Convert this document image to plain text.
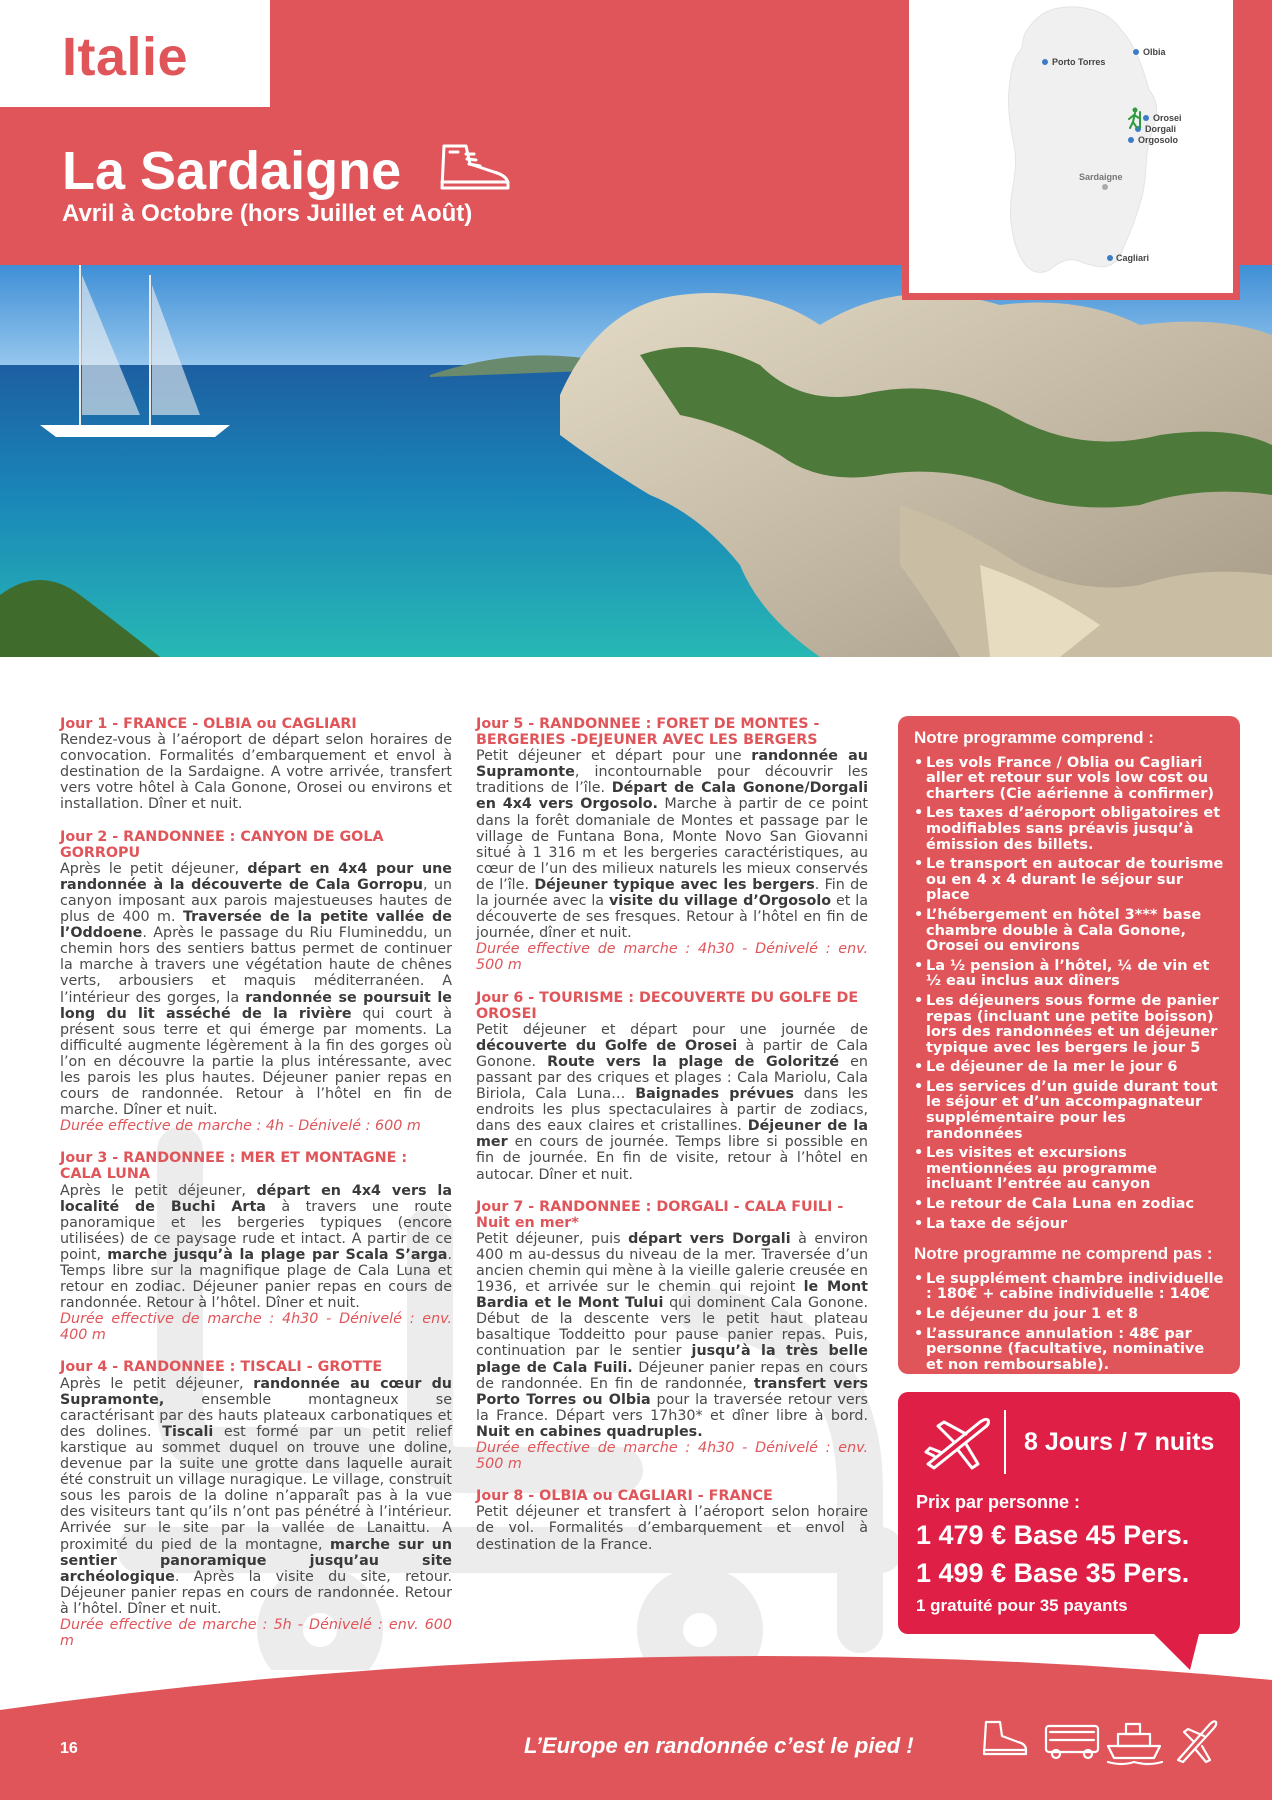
Italie
La Sardaigne
Avril à Octobre (hors Juillet et Août)
Porto Torres
Olbia
Orosei
Dorgali
Orgosolo
Sardaigne
Cagliari
Jour 1 - FRANCE - OLBIA ou CAGLIARI
Rendez-vous à l’aéroport de départ selon horaires de convocation. Formalités d’embarquement et envol à destination de la Sardaigne. A votre arrivée, transfert vers votre hôtel à Cala Gonone, Orosei ou environs et installation. Dîner et nuit.
Jour 2 - RANDONNEE : CANYON DE GOLA GORROPU
Après le petit déjeuner, départ en 4x4 pour une randonnée à la découverte de Cala Gorropu, un canyon imposant aux parois majestueuses hautes de plus de 400 m. Traversée de la petite vallée de l’Oddoene. Après le passage du Riu Flumineddu, un chemin hors des sentiers battus permet de continuer la marche à travers une végétation haute de chênes verts, arbousiers et maquis méditerranéen. A l’intérieur des gorges, la randonnée se poursuit le long du lit asséché de la rivière qui court à présent sous terre et qui émerge par moments. La difficulté augmente légèrement à la fin des gorges où l’on en découvre la partie la plus intéressante, avec les parois les plus hautes. Déjeuner panier repas en cours de randonnée. Retour à l’hôtel en fin de marche. Dîner et nuit.
Durée effective de marche : 4h - Dénivelé : 600 m
Jour 3 - RANDONNEE : MER ET MONTAGNE : CALA LUNA
Après le petit déjeuner, départ en 4x4 vers la localité de Buchi Arta à travers une route panoramique et les bergeries typiques (encore utilisées) de ce paysage rude et intact. A partir de ce point, marche jusqu’à la plage par Scala S’arga. Temps libre sur la magnifique plage de Cala Luna et retour en zodiac. Déjeuner panier repas en cours de randonnée. Retour à l’hôtel. Dîner et nuit.
Durée effective de marche : 4h30 - Dénivelé : env. 400 m
Jour 4 - RANDONNEE : TISCALI - GROTTE
Après le petit déjeuner, randonnée au cœur du Supramonte, ensemble montagneux se caractérisant par des hauts plateaux carbonatiques et des dolines. Tiscali est formé par un petit relief karstique au sommet duquel on trouve une doline, devenue par la suite une grotte dans laquelle aurait été construit un village nuragique. Le village, construit sous les parois de la doline n’apparaît pas à la vue des visiteurs tant qu’ils n’ont pas pénétré à l’intérieur. Arrivée sur le site par la vallée de Lanaittu. A proximité du pied de la montagne, marche sur un sentier panoramique jusqu’au site archéologique. Après la visite du site, retour. Déjeuner panier repas en cours de randonnée. Retour à l’hôtel. Dîner et nuit.
Durée effective de marche : 5h - Dénivelé : env. 600 m
Jour 5 - RANDONNEE : FORET DE MONTES - BERGERIES -DEJEUNER AVEC LES BERGERS
Petit déjeuner et départ pour une randonnée au Supramonte, incontournable pour découvrir les traditions de l’île. Départ de Cala Gonone/Dorgali en 4x4 vers Orgosolo. Marche à partir de ce point dans la forêt domaniale de Montes et passage par le village de Funtana Bona, Monte Novo San Giovanni situé à 1 316 m et les bergeries caractéristiques, au cœur de l’un des milieux naturels les mieux conservés de l’île. Déjeuner typique avec les bergers. Fin de la journée avec la visite du village d’Orgosolo et la découverte de ses fresques. Retour à l’hôtel en fin de journée, dîner et nuit.
Durée effective de marche : 4h30 - Dénivelé : env. 500 m
Jour 6 - TOURISME : DECOUVERTE DU GOLFE DE OROSEI
Petit déjeuner et départ pour une journée de découverte du Golfe de Orosei à partir de Cala Gonone. Route vers la plage de Goloritzé en passant par des criques et plages : Cala Mariolu, Cala Biriola, Cala Luna… Baignades prévues dans les endroits les plus spectaculaires à partir de zodiacs, dans des eaux claires et cristallines. Déjeuner de la mer en cours de journée. Temps libre si possible en fin de journée. En fin de visite, retour à l’hôtel en autocar. Dîner et nuit.
Jour 7 - RANDONNEE : DORGALI - CALA FUILI - Nuit en mer*
Petit déjeuner, puis départ vers Dorgali à environ 400 m au-dessus du niveau de la mer. Traversée d’un ancien chemin qui mène à la vieille galerie creusée en 1936, et arrivée sur le chemin qui rejoint le Mont Bardia et le Mont Tului qui dominent Cala Gonone. Début de la descente vers le petit haut plateau basaltique Toddeitto pour pause panier repas. Puis, continuation par le sentier jusqu’à la très belle plage de Cala Fuili. Déjeuner panier repas en cours de randonnée. En fin de randonnée, transfert vers Porto Torres ou Olbia pour la traversée retour vers la France. Départ vers 17h30* et dîner libre à bord. Nuit en cabines quadruples.
Durée effective de marche : 4h30 - Dénivelé : env. 500 m
Jour 8 - OLBIA ou CAGLIARI - FRANCE
Petit déjeuner et transfert à l’aéroport selon horaire de vol. Formalités d’embarquement et envol à destination de la France.
Notre programme comprend :
• Les vols France / Oblia ou Cagliari aller et retour sur vols low cost ou charters (Cie aérienne à confirmer)
• Les taxes d’aéroport obligatoires et modifiables sans préavis jusqu’à émission des billets.
• Le transport en autocar de tourisme ou en 4 x 4 durant le séjour sur place
• L’hébergement en hôtel 3*** base chambre double à Cala Gonone, Orosei ou environs
• La ½ pension à l’hôtel, ¼ de vin et ½ eau inclus aux dîners
• Les déjeuners sous forme de panier repas (incluant une petite boisson) lors des randonnées et un déjeuner typique avec les bergers le jour 5
• Le déjeuner de la mer le jour 6
• Les services d’un guide durant tout le séjour et d’un accompagnateur supplémentaire pour les randonnées
• Les visites et excursions mentionnées au programme incluant l’entrée au canyon
• Le retour de Cala Luna en zodiac
• La taxe de séjour
Notre programme ne comprend pas :
• Le supplément chambre individuelle : 180€ + cabine individuelle : 140€
• Le déjeuner du jour 1 et 8
• L’assurance annulation : 48€ par personne (facultative, nominative et non remboursable).
• L’assurance assistance
8 Jours / 7 nuits
Prix par personne :
1 479 € Base 45 Pers.
1 499 € Base 35 Pers.
1 gratuité pour 35 payants
16	L’Europe en randonnée c’est le pied !
